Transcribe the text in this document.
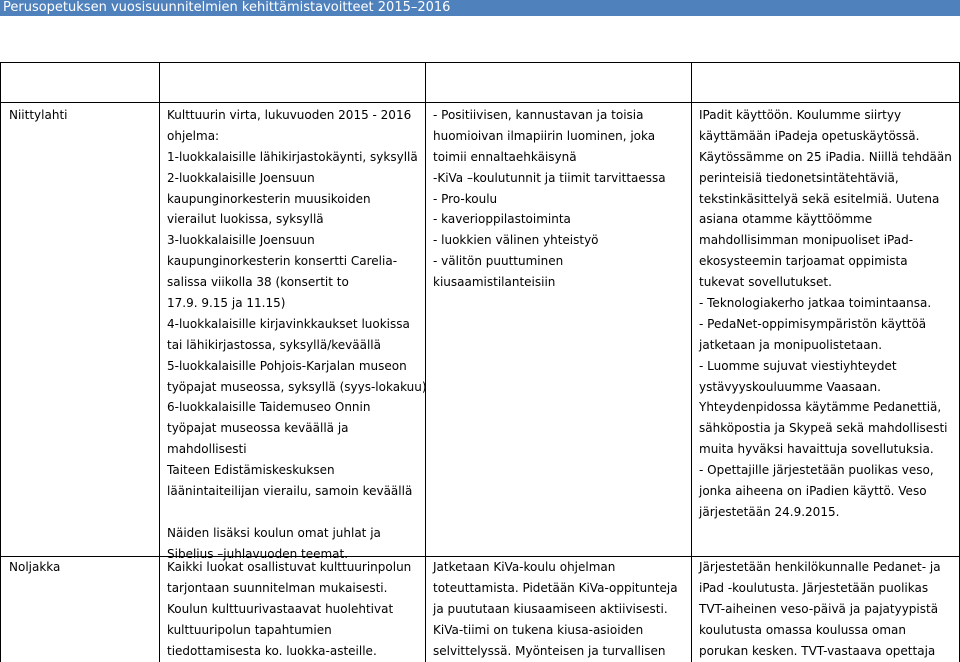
Perusopetuksen vuosisuunnitelmien kehittämistavoitteet 2015–2016
Niittylahti	Kulttuurin virta, lukuvuoden 2015 - 2016
ohjelma:
1-luokkalaisille lähikirjastokäynti, syksyllä
2-luokkalaisille Joensuun
kaupunginorkesterin muusikoiden
vierailut luokissa, syksyllä
3-luokkalaisille Joensuun
kaupunginorkesterin konsertti Carelia-
salissa viikolla 38 (konsertit to
17.9. 9.15 ja 11.15)
4-luokkalaisille kirjavinkkaukset luokissa
tai lähikirjastossa, syksyllä/keväällä
5-luokkalaisille Pohjois-Karjalan museon
työpajat museossa, syksyllä (syys-lokakuu)
6-luokkalaisille Taidemuseo Onnin
työpajat museossa keväällä ja
mahdollisesti
Taiteen Edistämiskeskuksen
läänintaiteilijan vierailu, samoin keväällä
Näiden lisäksi koulun omat juhlat ja
Sibelius –juhlavuoden teemat.
- Positiivisen, kannustavan ja toisia
huomioivan ilmapiirin luominen, joka
toimii ennaltaehkäisynä
-KiVa –koulutunnit ja tiimit tarvittaessa
- Pro-koulu
- kaverioppilastoiminta
- luokkien välinen yhteistyö
- välitön puuttuminen
kiusaamistilanteisiin
IPadit käyttöön. Koulumme siirtyy
käyttämään iPadeja opetuskäytössä.
Käytössämme on 25 iPadia. Niillä tehdään
perinteisiä tiedonetsintätehtäviä,
tekstinkäsittelyä sekä esitelmiä. Uutena
asiana otamme käyttöömme
mahdollisimman monipuoliset iPad-
ekosysteemin tarjoamat oppimista
tukevat sovellutukset.
- Teknologiakerho jatkaa toimintaansa.
- PedaNet-oppimisympäristön käyttöä
jatketaan ja monipuolistetaan.
- Luomme sujuvat viestiyhteydet
ystävyyskouluumme Vaasaan.
Yhteydenpidossa käytämme Pedanettiä,
sähköpostia ja Skypeä sekä mahdollisesti
muita hyväksi havaittuja sovellutuksia.
- Opettajille järjestetään puolikas veso,
jonka aiheena on iPadien käyttö. Veso
järjestetään 24.9.2015.
Noljakka	Kaikki luokat osallistuvat kulttuurinpolun
tarjontaan suunnitelman mukaisesti.
Koulun kulttuurivastaavat huolehtivat
kulttuuripolun tapahtumien
tiedottamisesta ko. luokka-asteille.
Jatketaan KiVa-koulu ohjelman
toteuttamista. Pidetään KiVa-oppitunteja
ja puututaan kiusaamiseen aktiivisesti.
KiVa-tiimi on tukena kiusa-asioiden
selvittelyssä. Myönteisen ja turvallisen
Järjestetään henkilökunnalle Pedanet- ja
iPad -koulutusta. Järjestetään puolikas
TVT-aiheinen veso-päivä ja pajatyypistä
koulutusta omassa koulussa oman
porukan kesken. TVT-vastaava opettaja
